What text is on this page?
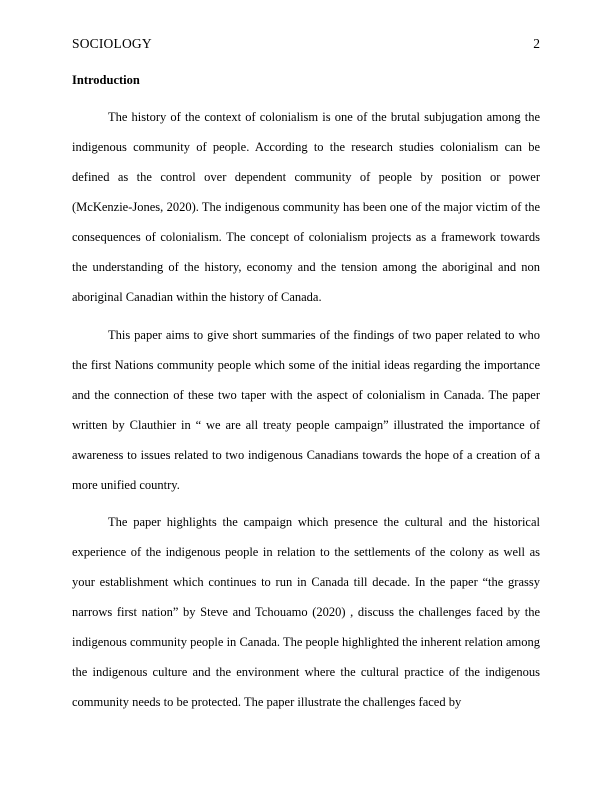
SOCIOLOGY	2
Introduction

The history of the context of colonialism is one of the brutal subjugation among the indigenous community of people. According to the research studies colonialism can be defined as the control over dependent community of people by position or power (McKenzie-Jones, 2020). The indigenous community has been one of the major victim of the consequences of colonialism. The concept of colonialism projects as a framework towards the understanding of the history, economy and the tension among the aboriginal and non aboriginal Canadian within the history of Canada.

This paper aims to give short summaries of the findings of two paper related to who the first Nations community people which some of the initial ideas regarding the importance and the connection of these two taper with the aspect of colonialism in Canada. The paper written by Clauthier in “ we are all treaty people campaign” illustrated the importance of awareness to issues related to two indigenous Canadians towards the hope of a creation of a more unified country.

The paper highlights the campaign which presence the cultural and the historical experience of the indigenous people in relation to the settlements of the colony as well as your establishment which continues to run in Canada till decade. In the paper “the grassy narrows first nation” by Steve and Tchouamo (2020) , discuss the challenges faced by the indigenous community people in Canada. The people highlighted the inherent relation among the indigenous culture and the environment where the cultural practice of the indigenous community needs to be protected. The paper illustrate the challenges faced by
